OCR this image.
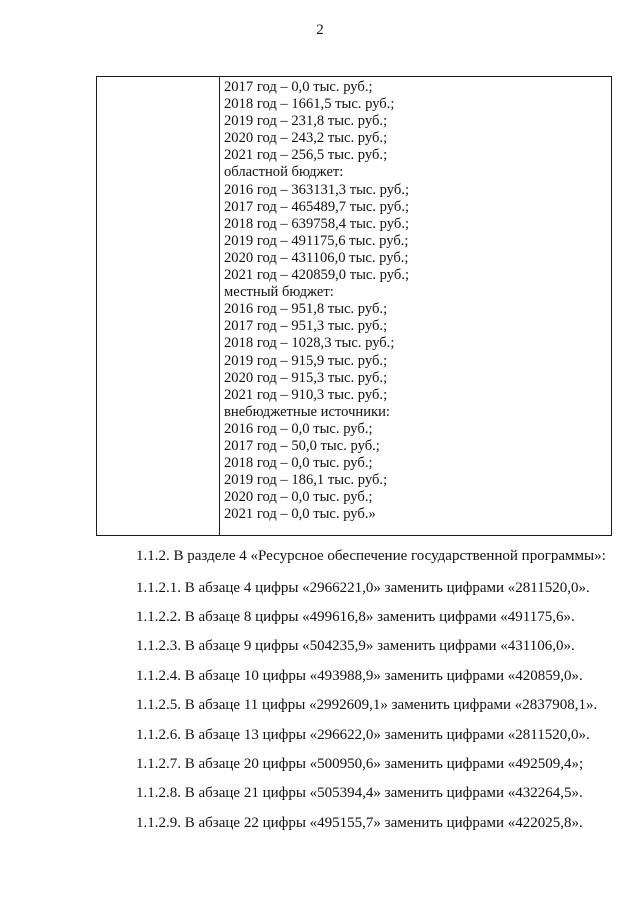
2
2017 год – 0,0 тыс. руб.;
2018 год – 1661,5 тыс. руб.;
2019 год – 231,8 тыс. руб.;
2020 год – 243,2 тыс. руб.;
2021 год – 256,5 тыс. руб.;
областной бюджет:
2016 год – 363131,3 тыс. руб.;
2017 год – 465489,7 тыс. руб.;
2018 год – 639758,4 тыс. руб.;
2019 год – 491175,6 тыс. руб.;
2020 год – 431106,0 тыс. руб.;
2021 год – 420859,0 тыс. руб.;
местный бюджет:
2016 год – 951,8 тыс. руб.;
2017 год – 951,3 тыс. руб.;
2018 год – 1028,3 тыс. руб.;
2019 год – 915,9 тыс. руб.;
2020 год – 915,3 тыс. руб.;
2021 год – 910,3 тыс. руб.;
внебюджетные источники:
2016 год – 0,0 тыс. руб.;
2017 год – 50,0 тыс. руб.;
2018 год – 0,0 тыс. руб.;
2019 год – 186,1 тыс. руб.;
2020 год – 0,0 тыс. руб.;
2021 год – 0,0 тыс. руб.»
1.1.2. В разделе 4 «Ресурсное обеспечение государственной программы»:
1.1.2.1. В абзаце 4 цифры «2966221,0» заменить цифрами «2811520,0».
1.1.2.2. В абзаце 8 цифры «499616,8» заменить цифрами «491175,6».
1.1.2.3. В абзаце 9 цифры «504235,9» заменить цифрами «431106,0».
1.1.2.4. В абзаце 10 цифры «493988,9» заменить цифрами «420859,0».
1.1.2.5. В абзаце 11 цифры «2992609,1» заменить цифрами «2837908,1».
1.1.2.6. В абзаце 13 цифры «296622,0» заменить цифрами «2811520,0».
1.1.2.7. В абзаце 20 цифры «500950,6» заменить цифрами «492509,4»;
1.1.2.8. В абзаце 21 цифры «505394,4» заменить цифрами «432264,5».
1.1.2.9. В абзаце 22 цифры «495155,7» заменить цифрами «422025,8».
